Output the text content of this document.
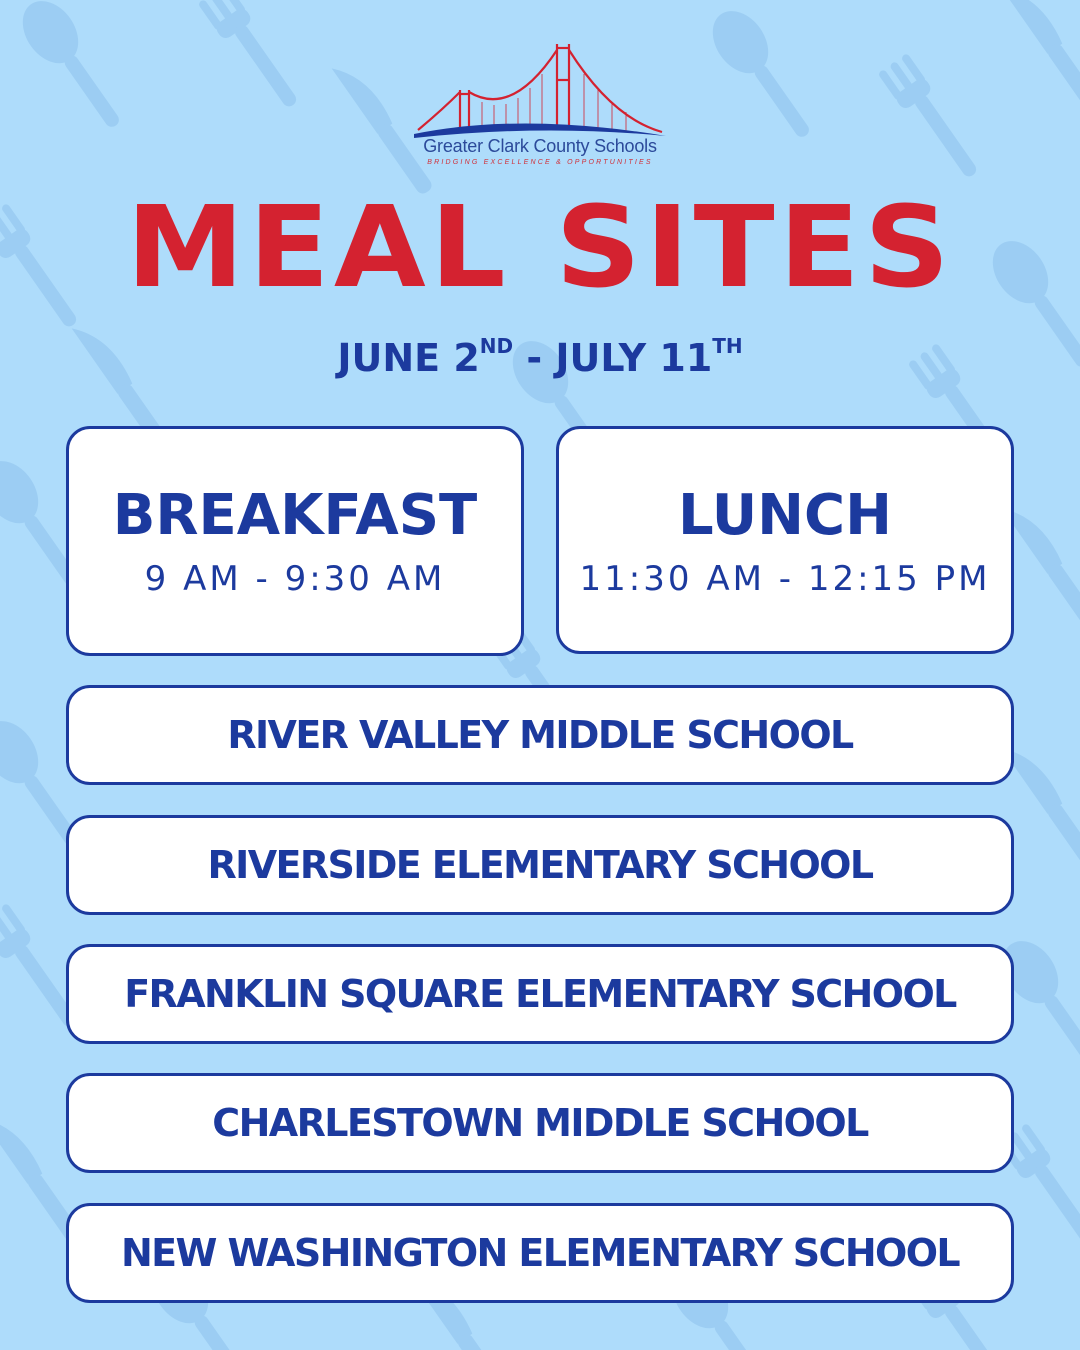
Greater Clark County Schools
BRIDGING EXCELLENCE & OPPORTUNITIES
MEAL SITES
JUNE 2ND - JULY 11TH
BREAKFAST
9 AM - 9:30 AM
LUNCH
11:30 AM - 12:15 PM
RIVER VALLEY MIDDLE SCHOOL
RIVERSIDE ELEMENTARY SCHOOL
FRANKLIN SQUARE ELEMENTARY SCHOOL
CHARLESTOWN MIDDLE SCHOOL
NEW WASHINGTON ELEMENTARY SCHOOL
